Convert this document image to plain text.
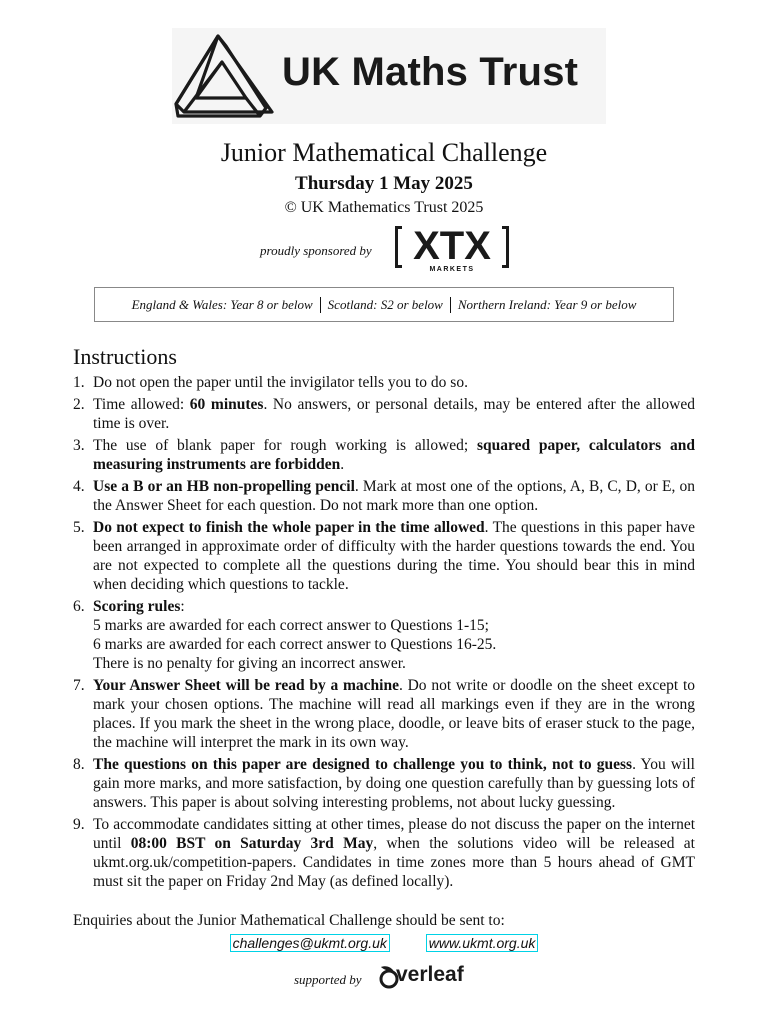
UK Maths Trust
Junior Mathematical Challenge
Thursday 1 May 2025
© UK Mathematics Trust 2025
proudly sponsored by	XTX
MARKETS
England & Wales: Year 8 or below Scotland: S2 or below Northern Ireland: Year 9 or below
Instructions
1. Do not open the paper until the invigilator tells you to do so.
2. Time allowed: 60 minutes. No answers, or personal details, may be entered after the allowed time is over.
3. The use of blank paper for rough working is allowed; squared paper, calculators and measuring instruments are forbidden.
4. Use a B or an HB non-propelling pencil. Mark at most one of the options, A, B, C, D, or E, on the Answer Sheet for each question. Do not mark more than one option.
5. Do not expect to finish the whole paper in the time allowed. The questions in this paper have been arranged in approximate order of difficulty with the harder questions towards the end. You are not expected to complete all the questions during the time. You should bear this in mind when deciding which questions to tackle.
6. Scoring rules:
5 marks are awarded for each correct answer to Questions 1-15;
6 marks are awarded for each correct answer to Questions 16-25.
There is no penalty for giving an incorrect answer.
7. Your Answer Sheet will be read by a machine. Do not write or doodle on the sheet except to mark your chosen options. The machine will read all markings even if they are in the wrong places. If you mark the sheet in the wrong place, doodle, or leave bits of eraser stuck to the page, the machine will interpret the mark in its own way.
8. The questions on this paper are designed to challenge you to think, not to guess. You will gain more marks, and more satisfaction, by doing one question carefully than by guessing lots of answers. This paper is about solving interesting problems, not about lucky guessing.
9. To accommodate candidates sitting at other times, please do not discuss the paper on the internet until 08:00 BST on Saturday 3rd May, when the solutions video will be released at ukmt.org.uk/competition-papers. Candidates in time zones more than 5 hours ahead of GMT must sit the paper on Friday 2nd May (as defined locally).
Enquiries about the Junior Mathematical Challenge should be sent to:
challenges@ukmt.org.uk	www.ukmt.org.uk
supported by verleaf
